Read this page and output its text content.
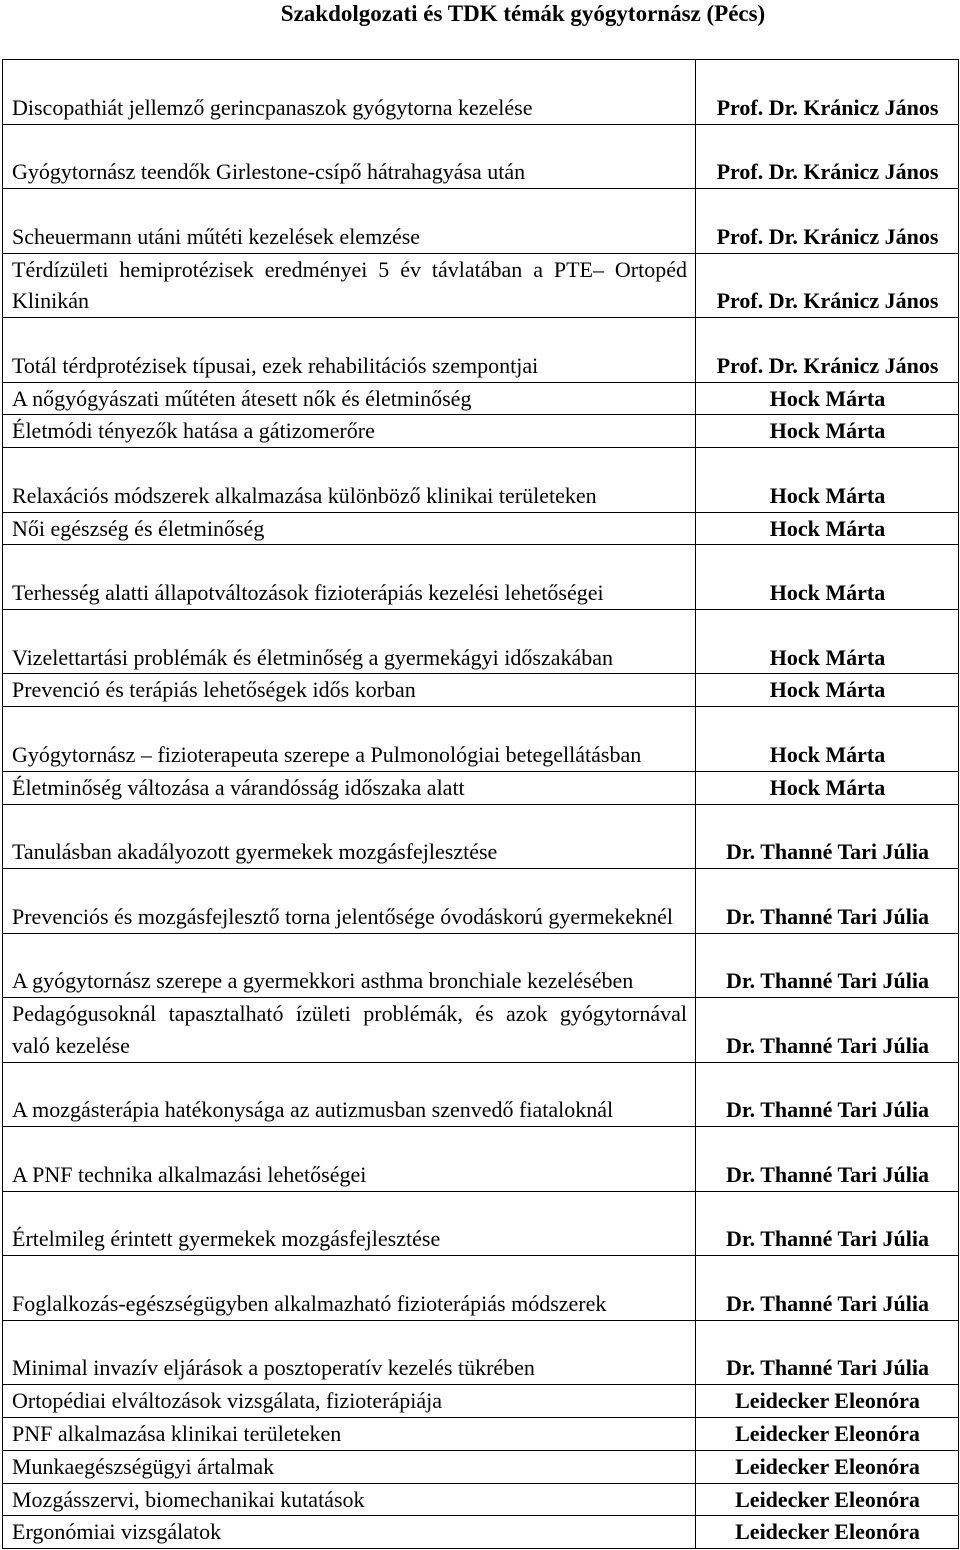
Szakdolgozati és TDK témák gyógytornász (Pécs)
Discopathiát jellemző gerincpanaszok gyógytorna kezelése	Prof. Dr. Kránicz János
Gyógytornász teendők Girlestone-csípő hátrahagyása után	Prof. Dr. Kránicz János
Scheuermann utáni műtéti kezelések elemzése	Prof. Dr. Kránicz János
Térdízületi hemiprotézisek eredményei 5 év távlatában a PTE– Ortopéd Klinikán	Prof. Dr. Kránicz János
Totál térdprotézisek típusai, ezek rehabilitációs szempontjai	Prof. Dr. Kránicz János
A nőgyógyászati műtéten átesett nők és életminőség	Hock Márta
Életmódi tényezők hatása a gátizomerőre	Hock Márta
Relaxációs módszerek alkalmazása különböző klinikai területeken	Hock Márta
Női egészség és életminőség	Hock Márta
Terhesség alatti állapotváltozások fizioterápiás kezelési lehetőségei	Hock Márta
Vizelettartási problémák és életminőség a gyermekágyi időszakában	Hock Márta
Prevenció és terápiás lehetőségek idős korban	Hock Márta
Gyógytornász – fizioterapeuta szerepe a Pulmonológiai betegellátásban	Hock Márta
Életminőség változása a várandósság időszaka alatt	Hock Márta
Tanulásban akadályozott gyermekek mozgásfejlesztése	Dr. Thanné Tari Júlia
Prevenciós és mozgásfejlesztő torna jelentősége óvodáskorú gyermekeknél	Dr. Thanné Tari Júlia
A gyógytornász szerepe a gyermekkori asthma bronchiale kezelésében	Dr. Thanné Tari Júlia
Pedagógusoknál tapasztalható ízületi problémák, és azok gyógytornával való kezelése	Dr. Thanné Tari Júlia
A mozgásterápia hatékonysága az autizmusban szenvedő fiataloknál	Dr. Thanné Tari Júlia
A PNF technika alkalmazási lehetőségei	Dr. Thanné Tari Júlia
Értelmileg érintett gyermekek mozgásfejlesztése	Dr. Thanné Tari Júlia
Foglalkozás-egészségügyben alkalmazható fizioterápiás módszerek	Dr. Thanné Tari Júlia
Minimal invazív eljárások a posztoperatív kezelés tükrében	Dr. Thanné Tari Júlia
Ortopédiai elváltozások vizsgálata, fizioterápiája	Leidecker Eleonóra
PNF alkalmazása klinikai területeken	Leidecker Eleonóra
Munkaegészségügyi ártalmak	Leidecker Eleonóra
Mozgásszervi, biomechanikai kutatások	Leidecker Eleonóra
Ergonómiai vizsgálatok	Leidecker Eleonóra
